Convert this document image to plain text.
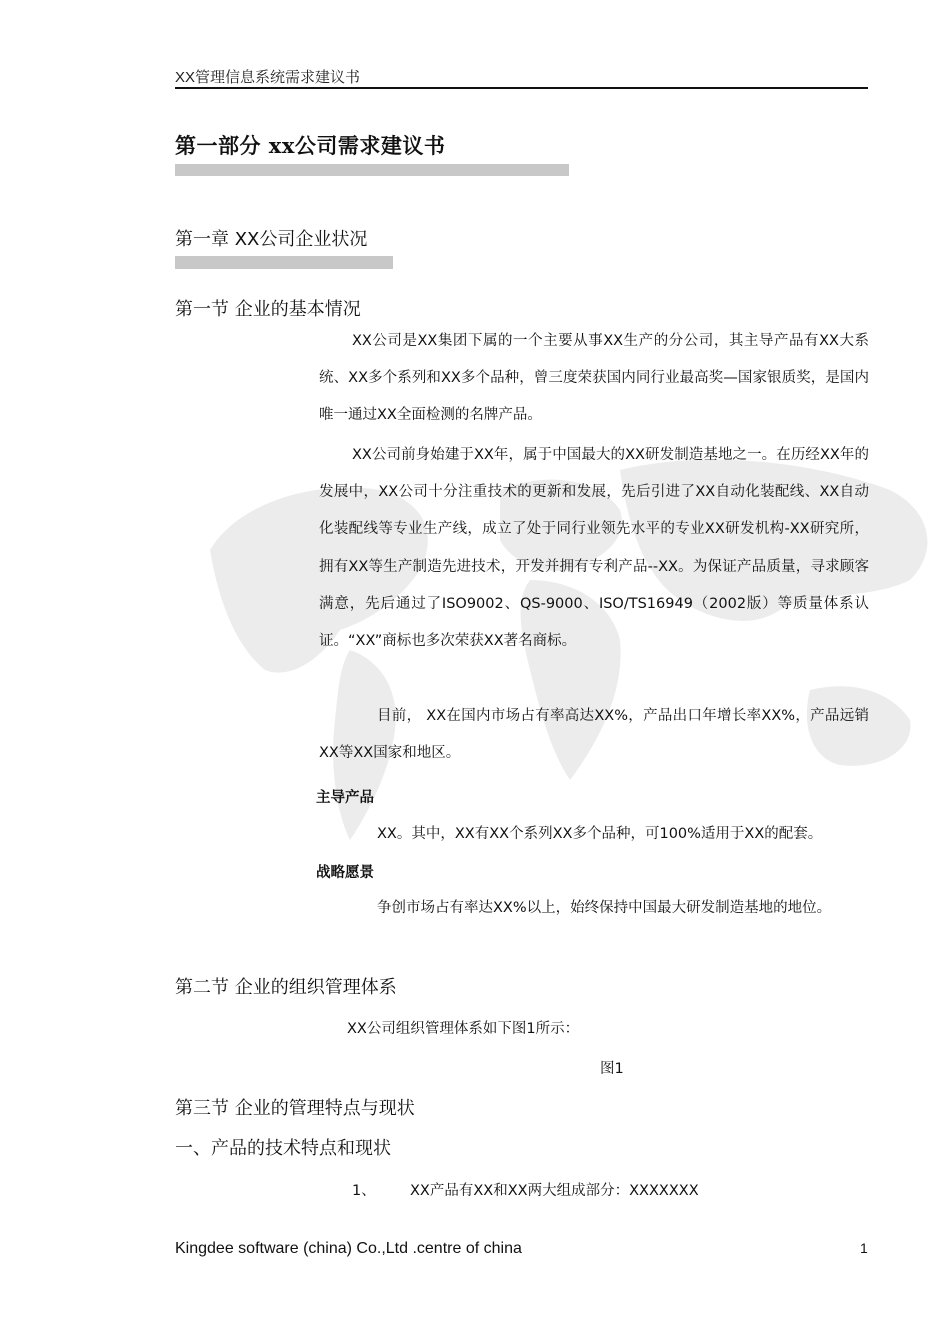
XX管理信息系统需求建议书
第一部分 xx公司需求建议书
第一章 XX公司企业状况
第一节 企业的基本情况
XX公司是XX集团下属的一个主要从事XX生产的分公司，其主导产品有XX大系统、XX多个系列和XX多个品种，曾三度荣获国内同行业最高奖—国家银质奖，是国内唯一通过XX全面检测的名牌产品。
XX公司前身始建于XX年，属于中国最大的XX研发制造基地之一。在历经XX年的发展中，XX公司十分注重技术的更新和发展，先后引进了XX自动化装配线、XX自动化装配线等专业生产线，成立了处于同行业领先水平的专业XX研发机构-XX研究所，拥有XX等生产制造先进技术，开发并拥有专利产品--XX。为保证产品质量，寻求顾客满意，先后通过了ISO9002、QS-9000、ISO/TS16949（2002版）等质量体系认证。“XX”商标也多次荣获XX著名商标。
目前， XX在国内市场占有率高达XX%，产品出口年增长率XX%，产品远销XX等XX国家和地区。
主导产品
XX。其中，XX有XX个系列XX多个品种，可100%适用于XX的配套。
战略愿景
争创市场占有率达XX%以上，始终保持中国最大研发制造基地的地位。
第二节 企业的组织管理体系
XX公司组织管理体系如下图1所示：
图1
第三节 企业的管理特点与现状
一、产品的技术特点和现状
1、 XX产品有XX和XX两大组成部分：XXXXXXX
Kingdee software (china) Co.,Ltd .centre of china	1
